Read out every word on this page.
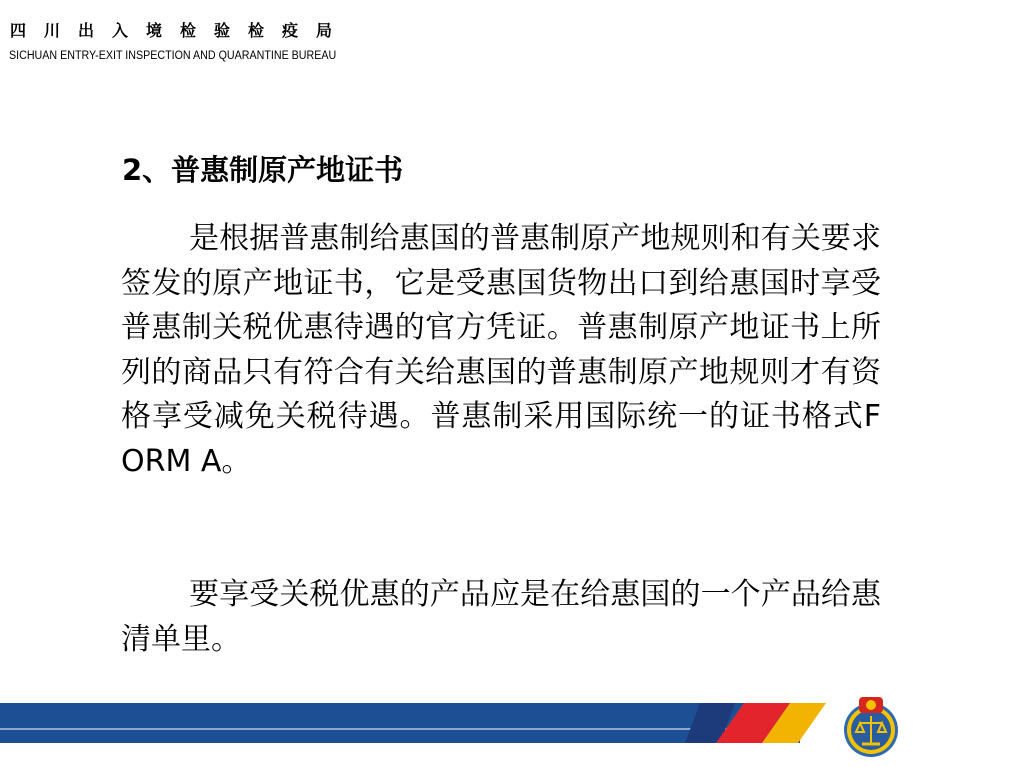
四川出入境检验检疫局
SICHUAN ENTRY-EXIT INSPECTION AND QUARANTINE BUREAU
2、普惠制原产地证书

是根据普惠制给惠国的普惠制原产地规则和有关要求签发的原产地证书，它是受惠国货物出口到给惠国时享受普惠制关税优惠待遇的官方凭证。普惠制原产地证书上所列的商品只有符合有关给惠国的普惠制原产地规则才有资格享受减免关税待遇。普惠制采用国际统一的证书格式FORM A。

要享受关税优惠的产品应是在给惠国的一个产品给惠清单里。
